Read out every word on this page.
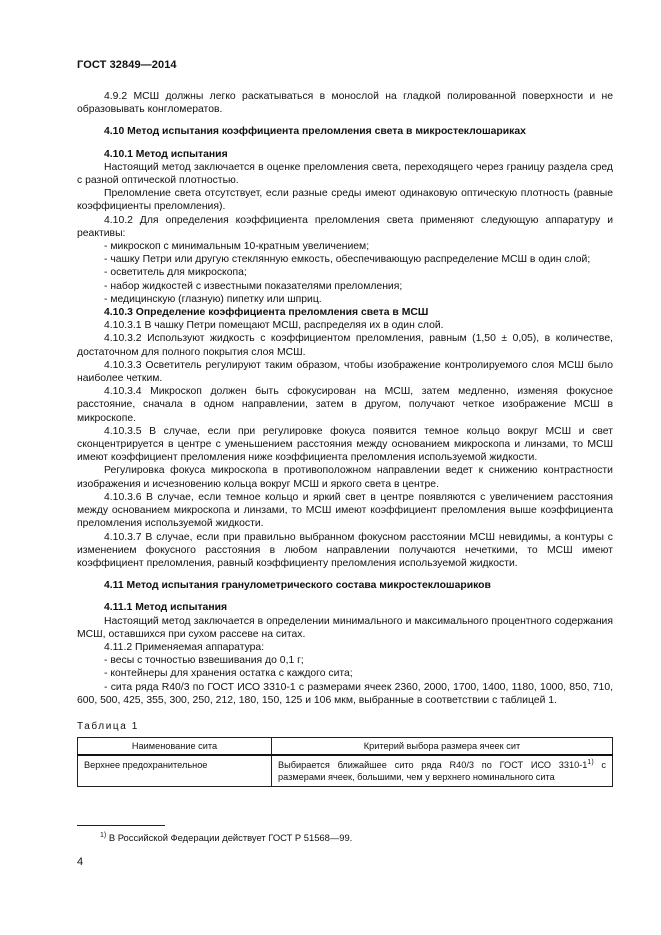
ГОСТ 32849—2014
4.9.2 МСШ должны легко раскатываться в монослой на гладкой полированной поверхности и не образовывать конгломератов.
4.10 Метод испытания коэффициента преломления света в микростеклошариках
4.10.1 Метод испытания
Настоящий метод заключается в оценке преломления света, переходящего через границу раздела сред с разной оптической плотностью.
Преломление света отсутствует, если разные среды имеют одинаковую оптическую плотность (равные коэффициенты преломления).
4.10.2 Для определения коэффициента преломления света применяют следующую аппаратуру и реактивы:
- микроскоп с минимальным 10-кратным увеличением;
- чашку Петри или другую стеклянную емкость, обеспечивающую распределение МСШ в один слой;
- осветитель для микроскопа;
- набор жидкостей с известными показателями преломления;
- медицинскую (глазную) пипетку или шприц.
4.10.3 Определение коэффициента преломления света в МСШ
4.10.3.1 В чашку Петри помещают МСШ, распределяя их в один слой.
4.10.3.2 Используют жидкость с коэффициентом преломления, равным (1,50 ± 0,05), в количестве, достаточном для полного покрытия слоя МСШ.
4.10.3.3 Осветитель регулируют таким образом, чтобы изображение контролируемого слоя МСШ было наиболее четким.
4.10.3.4 Микроскоп должен быть сфокусирован на МСШ, затем медленно, изменяя фокусное расстояние, сначала в одном направлении, затем в другом, получают четкое изображение МСШ в микроскопе.
4.10.3.5 В случае, если при регулировке фокуса появится темное кольцо вокруг МСШ и свет сконцентрируется в центре с уменьшением расстояния между основанием микроскопа и линзами, то МСШ имеют коэффициент преломления ниже коэффициента преломления используемой жидкости.
Регулировка фокуса микроскопа в противоположном направлении ведет к снижению контрастности изображения и исчезновению кольца вокруг МСШ и яркого света в центре.
4.10.3.6 В случае, если темное кольцо и яркий свет в центре появляются с увеличением расстояния между основанием микроскопа и линзами, то МСШ имеют коэффициент преломления выше коэффициента преломления используемой жидкости.
4.10.3.7 В случае, если при правильно выбранном фокусном расстоянии МСШ невидимы, а контуры с изменением фокусного расстояния в любом направлении получаются нечеткими, то МСШ имеют коэффициент преломления, равный коэффициенту преломления используемой жидкости.
4.11 Метод испытания гранулометрического состава микростеклошариков
4.11.1 Метод испытания
Настоящий метод заключается в определении минимального и максимального процентного содержания МСШ, оставшихся при сухом рассеве на ситах.
4.11.2 Применяемая аппаратура:
- весы с точностью взвешивания до 0,1 г;
- контейнеры для хранения остатка с каждого сита;
- сита ряда R40/3 по ГОСТ ИСО 3310-1 с размерами ячеек 2360, 2000, 1700, 1400, 1180, 1000, 850, 710, 600, 500, 425, 355, 300, 250, 212, 180, 150, 125 и 106 мкм, выбранные в соответствии с таблицей 1.
Таблица 1
Наименование сита	Критерий выбора размера ячеек сит
Верхнее предохранительное	Выбирается ближайшее сито ряда R40/3 по ГОСТ ИСО 3310-1$^{1)}$ с размерами ячеек, большими, чем у верхнего номинального сита
$^{1)}$ В Российской Федерации действует ГОСТ Р 51568—99.
4
